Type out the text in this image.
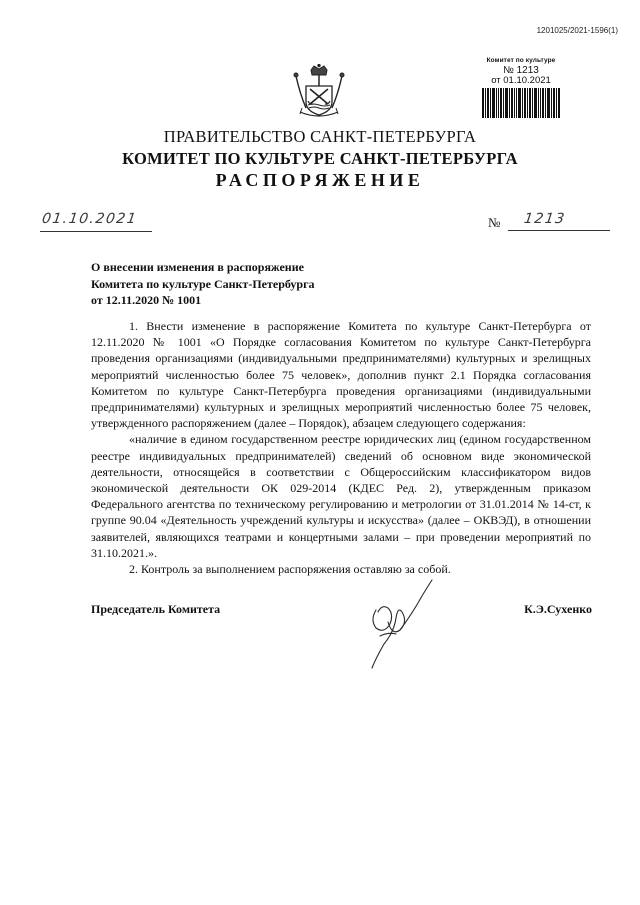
1201025/2021-1596(1)
Комитет по культуре
№ 1213
от 01.10.2021
ПРАВИТЕЛЬСТВО САНКТ-ПЕТЕРБУРГА
КОМИТЕТ ПО КУЛЬТУРЕ САНКТ-ПЕТЕРБУРГА
РАСПОРЯЖЕНИЕ
01.10.2021	№ 1213
О внесении изменения в распоряжение
Комитета по культуре Санкт-Петербурга
от 12.11.2020 № 1001

1. Внести изменение в распоряжение Комитета по культуре Санкт-Петербурга от 12.11.2020 № 1001 «О Порядке согласования Комитетом по культуре Санкт-Петербурга проведения организациями (индивидуальными предпринимателями) культурных и зрелищных мероприятий численностью более 75 человек», дополнив пункт 2.1 Порядка согласования Комитетом по культуре Санкт-Петербурга проведения организациями (индивидуальными предпринимателями) культурных и зрелищных мероприятий численностью более 75 человек, утвержденного распоряжением (далее – Порядок), абзацем следующего содержания:

«наличие в едином государственном реестре юридических лиц (едином государственном реестре индивидуальных предпринимателей) сведений об основном виде экономической деятельности, относящейся в соответствии с Общероссийским классификатором видов экономической деятельности ОК 029-2014 (КДЕС Ред. 2), утвержденным приказом Федерального агентства по техническому регулированию и метрологии от 31.01.2014 № 14-ст, к группе 90.04 «Деятельность учреждений культуры и искусства» (далее – ОКВЭД), в отношении заявителей, являющихся театрами и концертными залами – при проведении мероприятий по 31.10.2021.».

2. Контроль за выполнением распоряжения оставляю за собой.

Председатель Комитета	К.Э.Сухенко
